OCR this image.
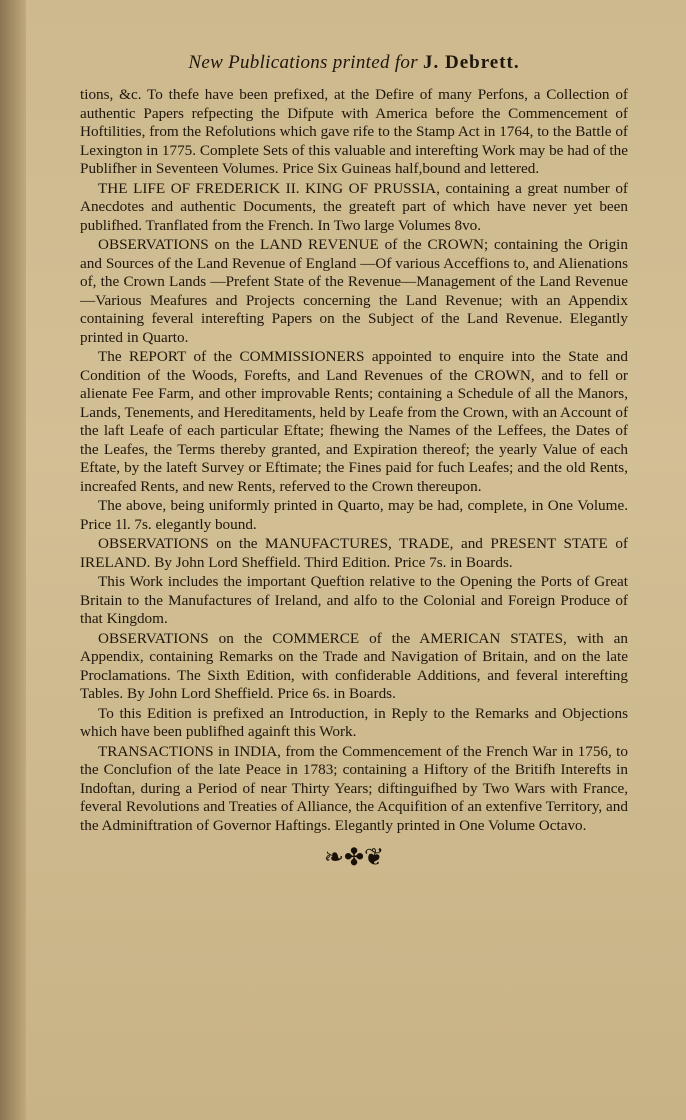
New Publications printed for J. Debrett.

tions, &c. To thefe have been prefixed, at the Defire of many Perfons, a Collection of authentic Papers refpecting the Difpute with America before the Commencement of Hoftilities, from the Refolutions which gave rife to the Stamp Act in 1764, to the Battle of Lexington in 1775. Complete Sets of this valuable and interefting Work may be had of the Publifher in Seventeen Volumes. Price Six Guineas half,bound and lettered.

THE LIFE OF FREDERICK II. KING OF PRUSSIA, containing a great number of Anecdotes and authentic Documents, the greateft part of which have never yet been publifhed. Tranflated from the French. In Two large Volumes 8vo.

OBSERVATIONS on the LAND REVENUE of the CROWN; containing the Origin and Sources of the Land Revenue of England —Of various Acceffions to, and Alienations of, the Crown Lands —Prefent State of the Revenue—Management of the Land Revenue —Various Meafures and Projects concerning the Land Revenue; with an Appendix containing feveral interefting Papers on the Subject of the Land Revenue. Elegantly printed in Quarto.

The REPORT of the COMMISSIONERS appointed to enquire into the State and Condition of the Woods, Forefts, and Land Revenues of the CROWN, and to fell or alienate Fee Farm, and other improvable Rents; containing a Schedule of all the Manors, Lands, Tenements, and Hereditaments, held by Leafe from the Crown, with an Account of the laft Leafe of each particular Eftate; fhewing the Names of the Leffees, the Dates of the Leafes, the Terms thereby granted, and Expiration thereof; the yearly Value of each Eftate, by the lateft Survey or Eftimate; the Fines paid for fuch Leafes; and the old Rents, increafed Rents, and new Rents, referved to the Crown thereupon.

The above, being uniformly printed in Quarto, may be had, complete, in One Volume. Price 1l. 7s. elegantly bound.

OBSERVATIONS on the MANUFACTURES, TRADE, and PRESENT STATE of IRELAND. By John Lord Sheffield. Third Edition. Price 7s. in Boards.

This Work includes the important Queftion relative to the Opening the Ports of Great Britain to the Manufactures of Ireland, and alfo to the Colonial and Foreign Produce of that Kingdom.

OBSERVATIONS on the COMMERCE of the AMERICAN STATES, with an Appendix, containing Remarks on the Trade and Navigation of Britain, and on the late Proclamations. The Sixth Edition, with confiderable Additions, and feveral interefting Tables. By John Lord Sheffield. Price 6s. in Boards.

To this Edition is prefixed an Introduction, in Reply to the Remarks and Objections which have been publifhed againft this Work.

TRANSACTIONS in INDIA, from the Commencement of the French War in 1756, to the Conclufion of the late Peace in 1783; containing a Hiftory of the Britifh Interefts in Indoftan, during a Period of near Thirty Years; diftinguifhed by Two Wars with France, feveral Revolutions and Treaties of Alliance, the Acquifition of an extenfive Territory, and the Adminiftration of Governor Haftings. Elegantly printed in One Volume Octavo.

❧✤❦
